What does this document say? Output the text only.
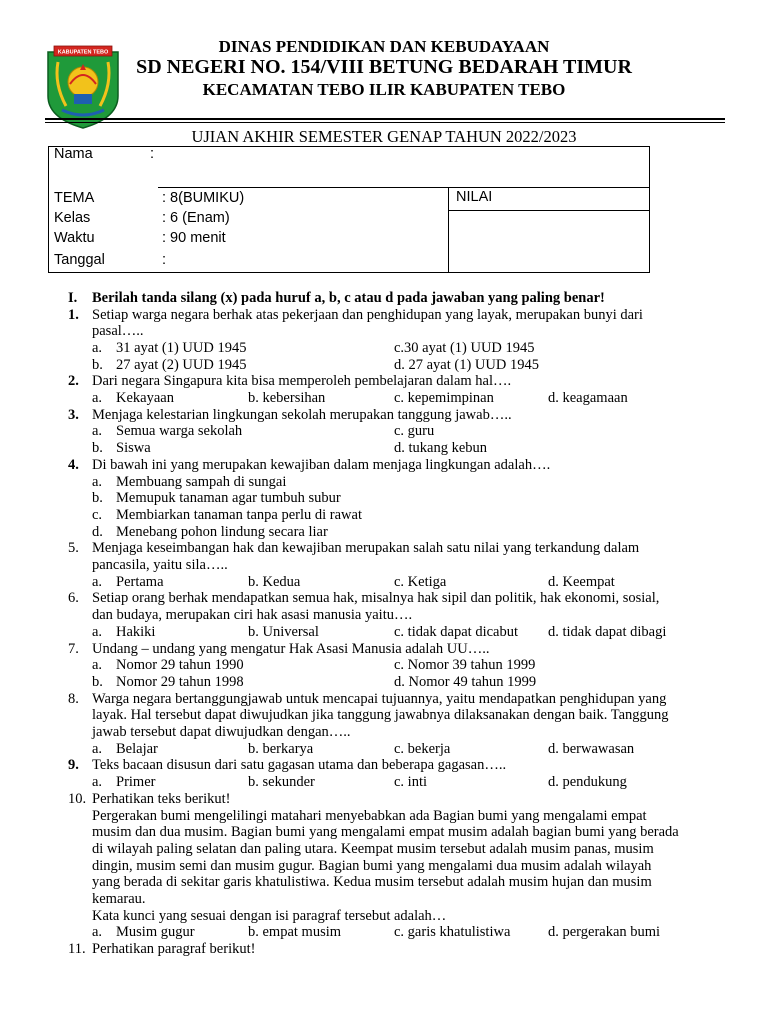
KABUPATEN TEBO	DINAS PENDIDIKAN DAN KEBUDAYAAN
SD NEGERI NO. 154/VIII BETUNG BEDARAH TIMUR
KECAMATAN TEBO ILIR KABUPATEN TEBO
UJIAN AKHIR SEMESTER GENAP TAHUN 2022/2023
Nama	:
TEMA	: 8(BUMIKU)
Kelas	: 6 (Enam)
Waktu	: 90 menit
Tanggal	:
NILAI
I. Berilah tanda silang (x) pada huruf a, b, c atau d pada jawaban yang paling benar!
1. Setiap warga negara berhak atas pekerjaan dan penghidupan yang layak, merupakan bunyi dari
pasal…..
a. 31 ayat (1) UUD 1945	c.30 ayat (1) UUD 1945
b. 27 ayat (2) UUD 1945	d. 27 ayat (1) UUD 1945
2. Dari negara Singapura kita bisa memperoleh pembelajaran dalam hal….
a. Kekayaan	b. kebersihan	c. kepemimpinan	d. keagamaan
3. Menjaga kelestarian lingkungan sekolah merupakan tanggung jawab…..
a. Semua warga sekolah	c. guru
b. Siswa	d. tukang kebun
4. Di bawah ini yang merupakan kewajiban dalam menjaga lingkungan adalah….
a. Membuang sampah di sungai
b. Memupuk tanaman agar tumbuh subur
c. Membiarkan tanaman tanpa perlu di rawat
d. Menebang pohon lindung secara liar
5. Menjaga keseimbangan hak dan kewajiban merupakan salah satu nilai yang terkandung dalam
pancasila, yaitu sila…..
a. Pertama	b. Kedua	c. Ketiga	d. Keempat
6. Setiap orang berhak mendapatkan semua hak, misalnya hak sipil dan politik, hak ekonomi, sosial,
dan budaya, merupakan ciri hak asasi manusia yaitu….
a. Hakiki	b. Universal	c. tidak dapat dicabut d. tidak dapat dibagi
7. Undang – undang yang mengatur Hak Asasi Manusia adalah UU…..
a. Nomor 29 tahun 1990	c. Nomor 39 tahun 1999
b. Nomor 29 tahun 1998	d. Nomor 49 tahun 1999
8. Warga negara bertanggungjawab untuk mencapai tujuannya, yaitu mendapatkan penghidupan yang
layak. Hal tersebut dapat diwujudkan jika tanggung jawabnya dilaksanakan dengan baik. Tanggung
jawab tersebut dapat diwujudkan dengan…..
a. Belajar	b. berkarya	c. bekerja	d. berwawasan
9. Teks bacaan disusun dari satu gagasan utama dan beberapa gagasan…..
a. Primer	b. sekunder	c. inti	d. pendukung
10. Perhatikan teks berikut!
Pergerakan bumi mengelilingi matahari menyebabkan ada Bagian bumi yang mengalami empat
musim dan dua musim. Bagian bumi yang mengalami empat musim adalah bagian bumi yang berada
di wilayah paling selatan dan paling utara. Keempat musim tersebut adalah musim panas, musim
dingin, musim semi dan musim gugur. Bagian bumi yang mengalami dua musim adalah wilayah
yang berada di sekitar garis khatulistiwa. Kedua musim tersebut adalah musim hujan dan musim
kemarau.
Kata kunci yang sesuai dengan isi paragraf tersebut adalah…
a. Musim gugur	b. empat musim	c. garis khatulistiwa	d. pergerakan bumi
11. Perhatikan paragraf berikut!
